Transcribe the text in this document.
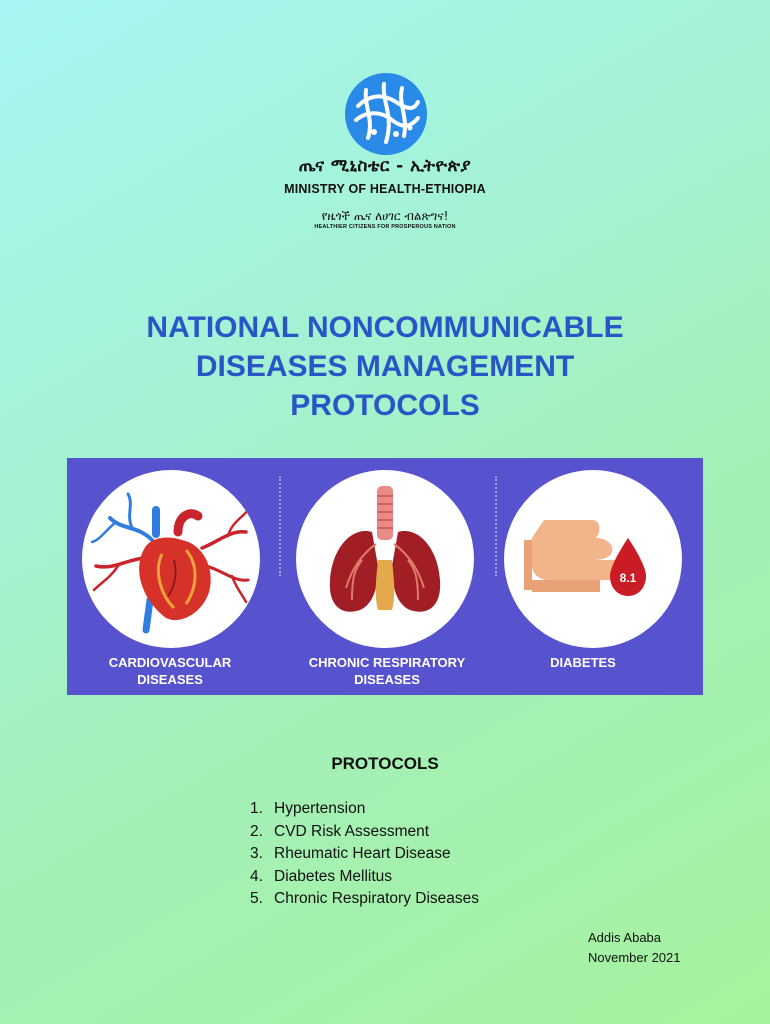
ጤና ሚኒስቴር - ኢትዮጵያ
MINISTRY OF HEALTH-ETHIOPIA
የዜጎች ጤና ለሀገር ብልጽግና!
HEALTHIER CITIZENS FOR PROSPEROUS NATION
NATIONAL NONCOMMUNICABLE
DISEASES MANAGEMENT
PROTOCOLS
8.1
CARDIOVASCULAR
DISEASES
CHRONIC RESPIRATORY
DISEASES
DIABETES
PROTOCOLS
1. Hypertension
2. CVD Risk Assessment
3. Rheumatic Heart Disease
4. Diabetes Mellitus
5. Chronic Respiratory Diseases
Addis Ababa
November 2021
